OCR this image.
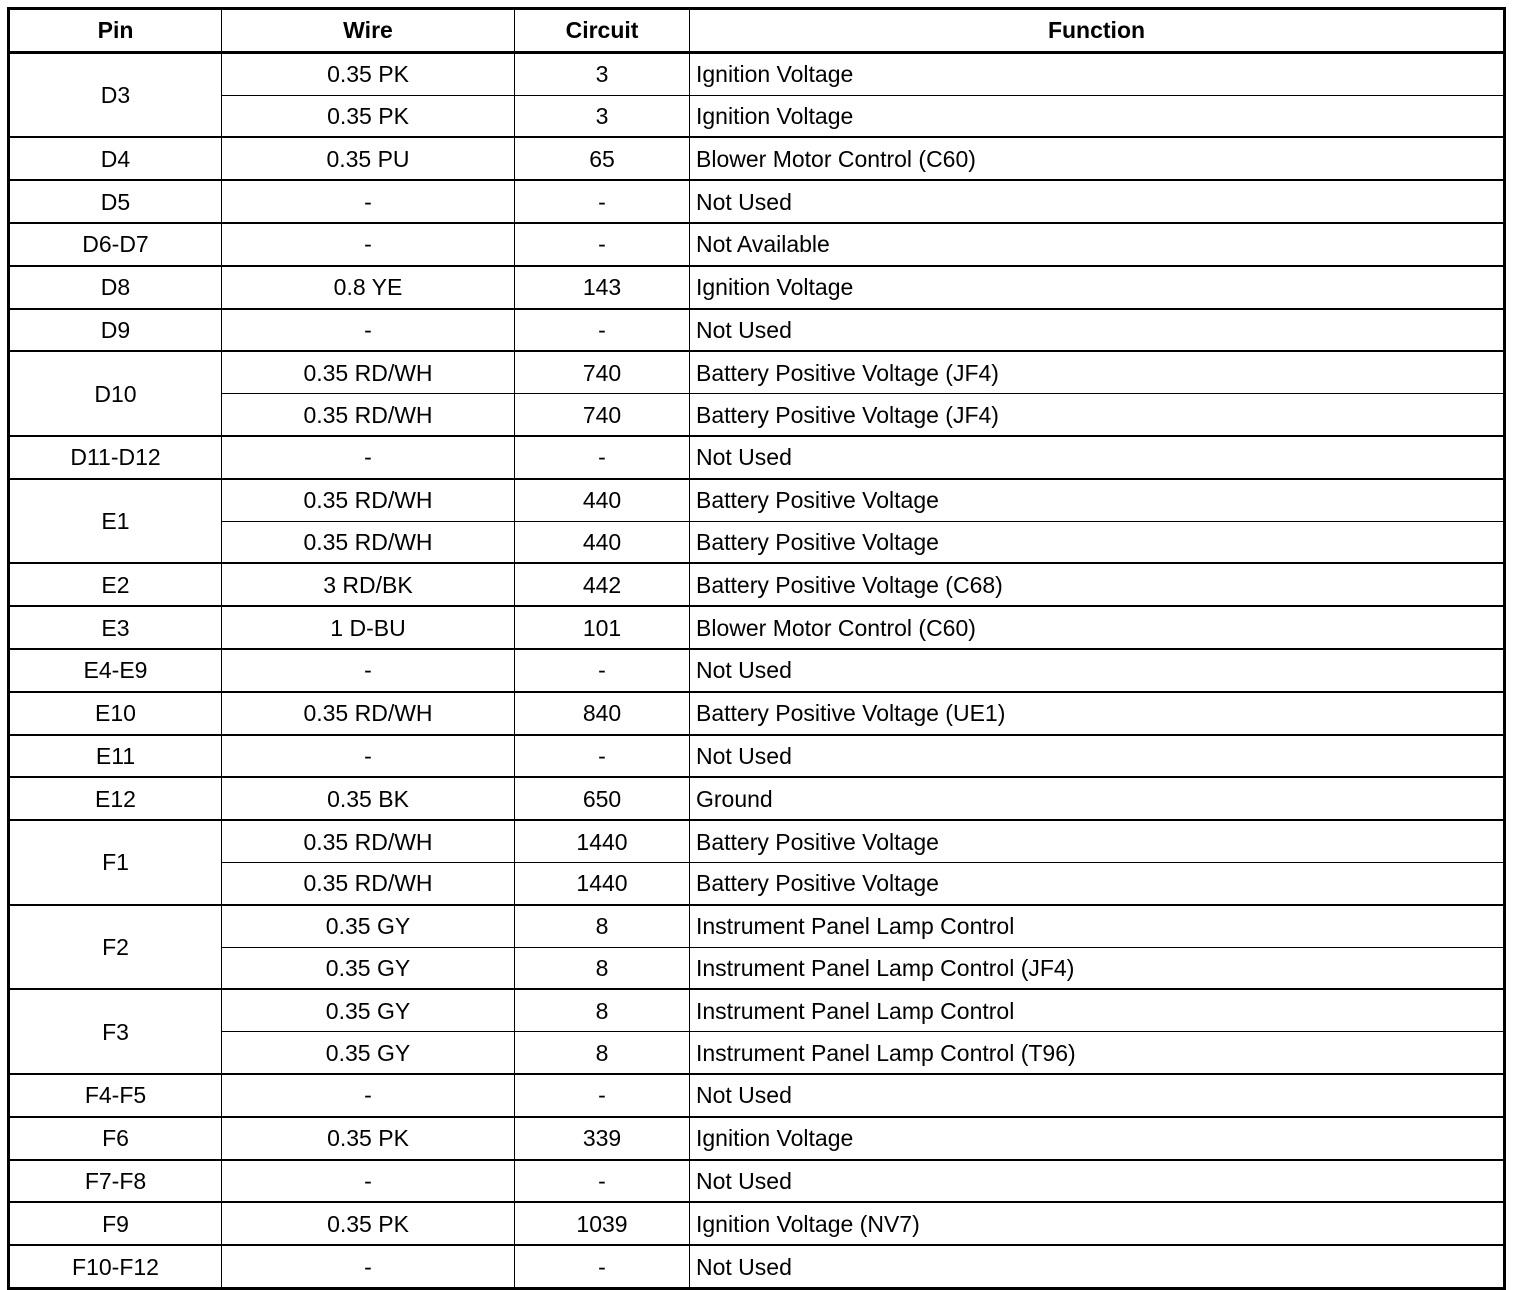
Pin	Wire	Circuit	Function
D3	0.35 PK	3	Ignition Voltage
	0.35 PK	3	Ignition Voltage
D4	0.35 PU	65	Blower Motor Control (C60)
D5	-	-	Not Used
D6-D7	-	-	Not Available
D8	0.8 YE	143	Ignition Voltage
D9	-	-	Not Used
D10	0.35 RD/WH	740	Battery Positive Voltage (JF4)
	0.35 RD/WH	740	Battery Positive Voltage (JF4)
D11-D12	-	-	Not Used
E1	0.35 RD/WH	440	Battery Positive Voltage
	0.35 RD/WH	440	Battery Positive Voltage
E2	3 RD/BK	442	Battery Positive Voltage (C68)
E3	1 D-BU	101	Blower Motor Control (C60)
E4-E9	-	-	Not Used
E10	0.35 RD/WH	840	Battery Positive Voltage (UE1)
E11	-	-	Not Used
E12	0.35 BK	650	Ground
F1	0.35 RD/WH	1440	Battery Positive Voltage
	0.35 RD/WH	1440	Battery Positive Voltage
F2	0.35 GY	8	Instrument Panel Lamp Control
	0.35 GY	8	Instrument Panel Lamp Control (JF4)
F3	0.35 GY	8	Instrument Panel Lamp Control
	0.35 GY	8	Instrument Panel Lamp Control (T96)
F4-F5	-	-	Not Used
F6	0.35 PK	339	Ignition Voltage
F7-F8	-	-	Not Used
F9	0.35 PK	1039	Ignition Voltage (NV7)
F10-F12	-	-	Not Used
